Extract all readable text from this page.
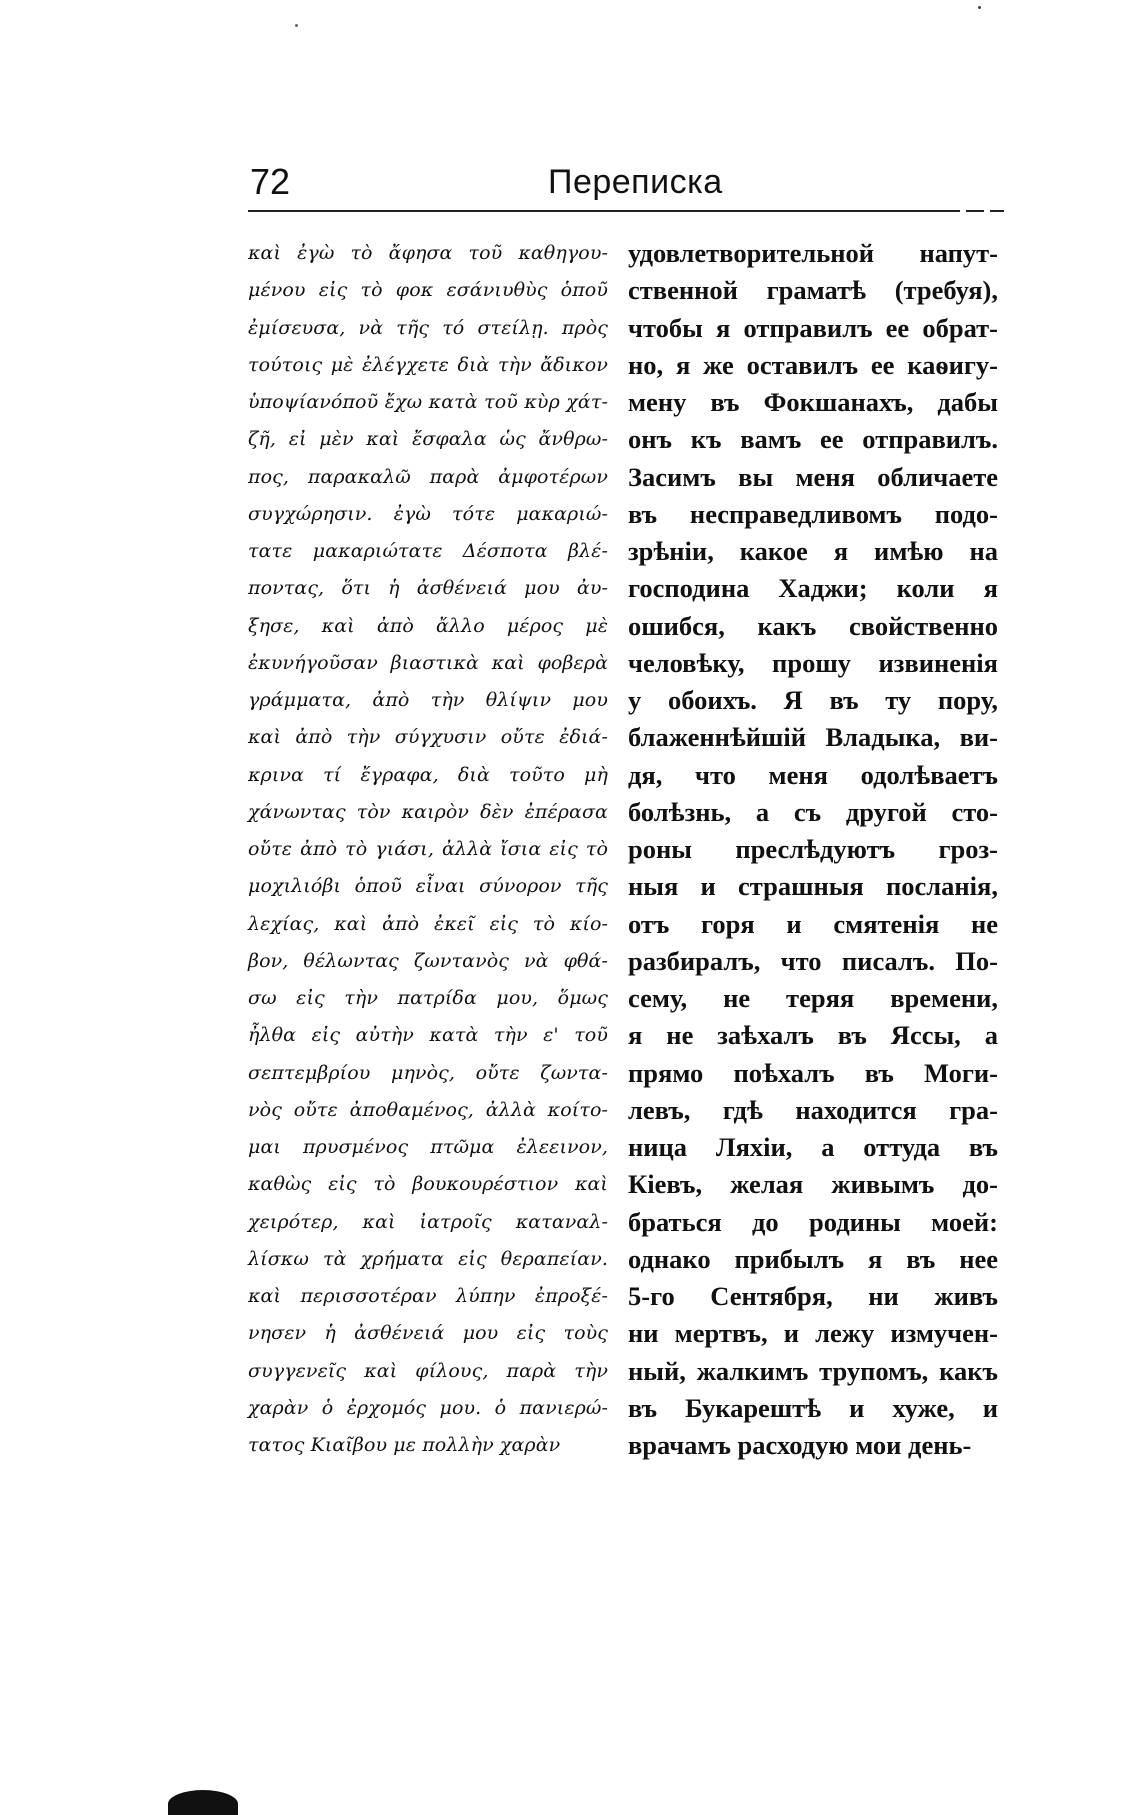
72	Переписка
καὶ ἐγὼ τὸ ἄφησα τοῦ καθηγου-
μένου εἰς τὸ φοκ εσάνιυθὺς ὁποῦ
ἐμίσευσα, νὰ τῆς τό στείλῃ. πρὸς
τούτοις μὲ ἐλέγχετε διὰ τὴν ἄδικον
ὑποψίανόποῦ ἔχω κατὰ τοῦ κὺρ χάτ-
ζῆ, εἰ μὲν καὶ ἔσφαλα ὡς ἄνθρω-
πος, παρακαλῶ παρὰ ἀμφοτέρων
συγχώρησιν. ἐγὼ τότε μακαριώ-
τατε μακαριώτατε Δέσποτα βλέ-
ποντας, ὅτι ἡ ἀσθένειά μου ἀυ-
ξησε, καὶ ἀπὸ ἄλλο μέρος μὲ
ἐκυνήγοῦσαν βιαστικὰ καὶ φοβερὰ
γράμματα, ἀπὸ τὴν θλίψιν μου
καὶ ἀπὸ τὴν σύγχυσιν οὔτε ἐδιά-
κρινα τί ἔγραφα, διὰ τοῦτο μὴ
χάνωντας τὸν καιρὸν δὲν ἐπέρασα
οὔτε ἀπὸ τὸ γιάσι, ἀλλὰ ἴσια εἰς τὸ
μοχιλιόβι ὁποῦ εἶναι σύνορον τῆς
λεχίας, καὶ ἀπὸ ἐκεῖ εἰς τὸ κίο-
βον, θέλωντας ζωντανὸς νὰ φθά-
σω εἰς τὴν πατρίδα μου, ὅμως
ἦλθα εἰς αὐτὴν κατὰ τὴν ε' τοῦ
σεπτεμβρίου μηνὸς, οὔτε ζωντα-
νὸς οὔτε ἀποθαμένος, ἀλλὰ κοίτο-
μαι πρυσμένος πτῶμα ἐλεεινον,
καθὼς εἰς τὸ βουκουρέστιον καὶ
χειρότερ, καὶ ἰατροῖς καταναλ-
λίσκω τὰ χρήματα εἰς θεραπείαν.
καὶ περισσοτέραν λύπην ἐπροξέ-
νησεν ἡ ἀσθένειά μου εἰς τοὺς
συγγενεῖς καὶ φίλους, παρὰ τὴν
χαρὰν ὁ ἐρχομός μου. ὁ πανιερώ-
τατος Κιαῖβου με πολλὴν χαρὰν
удовлетворительной напут-
ственной граматѣ (требуя),
чтобы я отправилъ ее обрат-
но, я же оставилъ ее каѳигу-
мену въ Фокшанахъ, дабы
онъ къ вамъ ее отправилъ.
Засимъ вы меня обличаете
въ несправедливомъ подо-
зрѣніи, какое я имѣю на
господина Хаджи; коли я
ошибся, какъ свойственно
человѣку, прошу извиненія
у обоихъ. Я въ ту пору,
блаженнѣйшій Владыка, ви-
дя, что меня одолѣваетъ
болѣзнь, а съ другой сто-
роны преслѣдуютъ гроз-
ныя и страшныя посланія,
отъ горя и смятенія не
разбиралъ, что писалъ. По-
сему, не теряя времени,
я не заѣхалъ въ Яссы, а
прямо поѣхалъ въ Моги-
левъ, гдѣ находится гра-
ница Ляхіи, а оттуда въ
Кіевъ, желая живымъ до-
браться до родины моей:
однако прибылъ я въ нее
5-го Сентября, ни живъ
ни мертвъ, и лежу измучен-
ный, жалкимъ трупомъ, какъ
въ Букарештѣ и хуже, и
врачамъ расходую мои день-
